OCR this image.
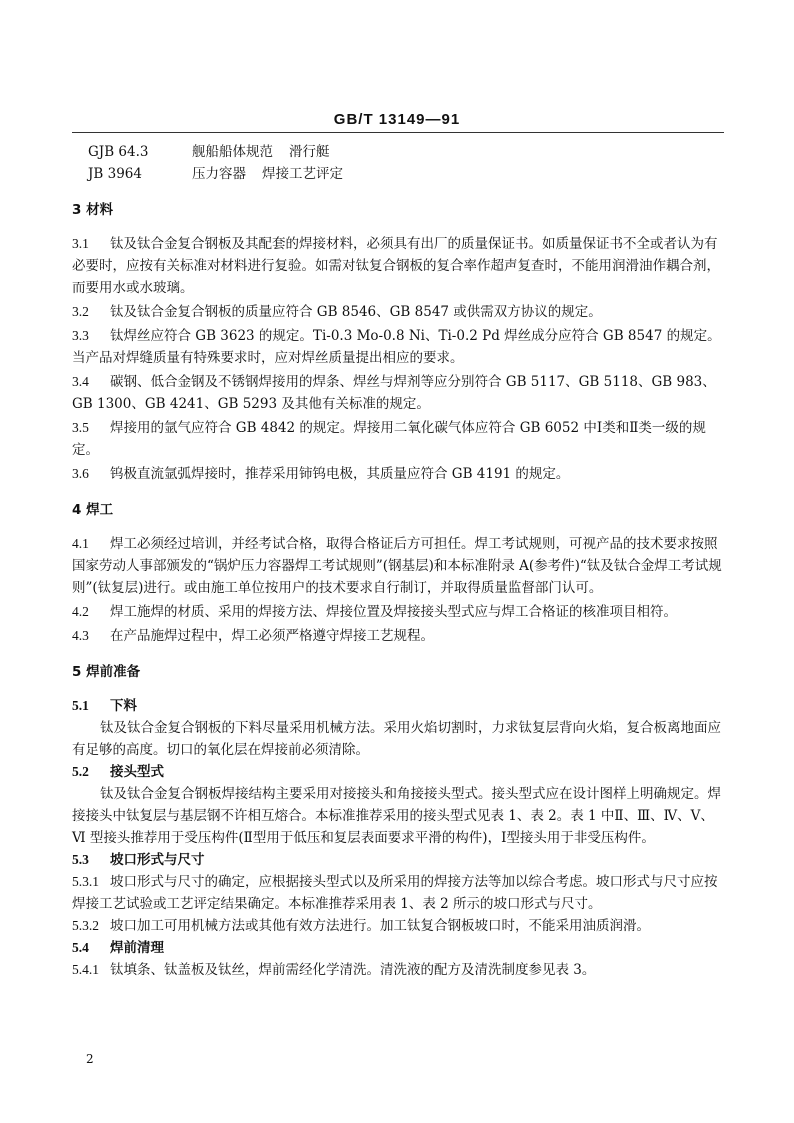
GB/T 13149—91
GJB 64.3	舰船船体规范 滑行艇
JB 3964	压力容器 焊接工艺评定
3 材料

3.1 钛及钛合金复合钢板及其配套的焊接材料，必须具有出厂的质量保证书。如质量保证书不全或者认为有必要时，应按有关标准对材料进行复验。如需对钛复合钢板的复合率作超声复查时，不能用润滑油作耦合剂，而要用水或水玻璃。

3.2 钛及钛合金复合钢板的质量应符合 GB 8546、GB 8547 或供需双方协议的规定。

3.3 钛焊丝应符合 GB 3623 的规定。Ti-0.3 Mo-0.8 Ni、Ti-0.2 Pd 焊丝成分应符合 GB 8547 的规定。当产品对焊缝质量有特殊要求时，应对焊丝质量提出相应的要求。

3.4 碳钢、低合金钢及不锈钢焊接用的焊条、焊丝与焊剂等应分别符合 GB 5117、GB 5118、GB 983、GB 1300、GB 4241、GB 5293 及其他有关标准的规定。

3.5 焊接用的氩气应符合 GB 4842 的规定。焊接用二氧化碳气体应符合 GB 6052 中Ⅰ类和Ⅱ类一级的规定。

3.6 钨极直流氩弧焊接时，推荐采用铈钨电极，其质量应符合 GB 4191 的规定。

4 焊工

4.1 焊工必须经过培训，并经考试合格，取得合格证后方可担任。焊工考试规则，可视产品的技术要求按照国家劳动人事部颁发的“锅炉压力容器焊工考试规则”(钢基层)和本标准附录 A(参考件)“钛及钛合金焊工考试规则”(钛复层)进行。或由施工单位按用户的技术要求自行制订，并取得质量监督部门认可。

4.2 焊工施焊的材质、采用的焊接方法、焊接位置及焊接接头型式应与焊工合格证的核准项目相符。

4.3 在产品施焊过程中，焊工必须严格遵守焊接工艺规程。

5 焊前准备
5.1 下料

钛及钛合金复合钢板的下料尽量采用机械方法。采用火焰切割时，力求钛复层背向火焰，复合板离地面应有足够的高度。切口的氧化层在焊接前必须清除。

5.2 接头型式

钛及钛合金复合钢板焊接结构主要采用对接接头和角接接头型式。接头型式应在设计图样上明确规定。焊接接头中钛复层与基层钢不许相互熔合。本标准推荐采用的接头型式见表 1、表 2。表 1 中Ⅱ、Ⅲ、Ⅳ、Ⅴ、Ⅵ 型接头推荐用于受压构件(Ⅱ型用于低压和复层表面要求平滑的构件)，Ⅰ型接头用于非受压构件。

5.3 坡口形式与尺寸

5.3.1 坡口形式与尺寸的确定，应根据接头型式以及所采用的焊接方法等加以综合考虑。坡口形式与尺寸应按焊接工艺试验或工艺评定结果确定。本标准推荐采用表 1、表 2 所示的坡口形式与尺寸。

5.3.2 坡口加工可用机械方法或其他有效方法进行。加工钛复合钢板坡口时，不能采用油质润滑。

5.4 焊前清理

5.4.1 钛填条、钛盖板及钛丝，焊前需经化学清洗。清洗液的配方及清洗制度参见表 3。

2
